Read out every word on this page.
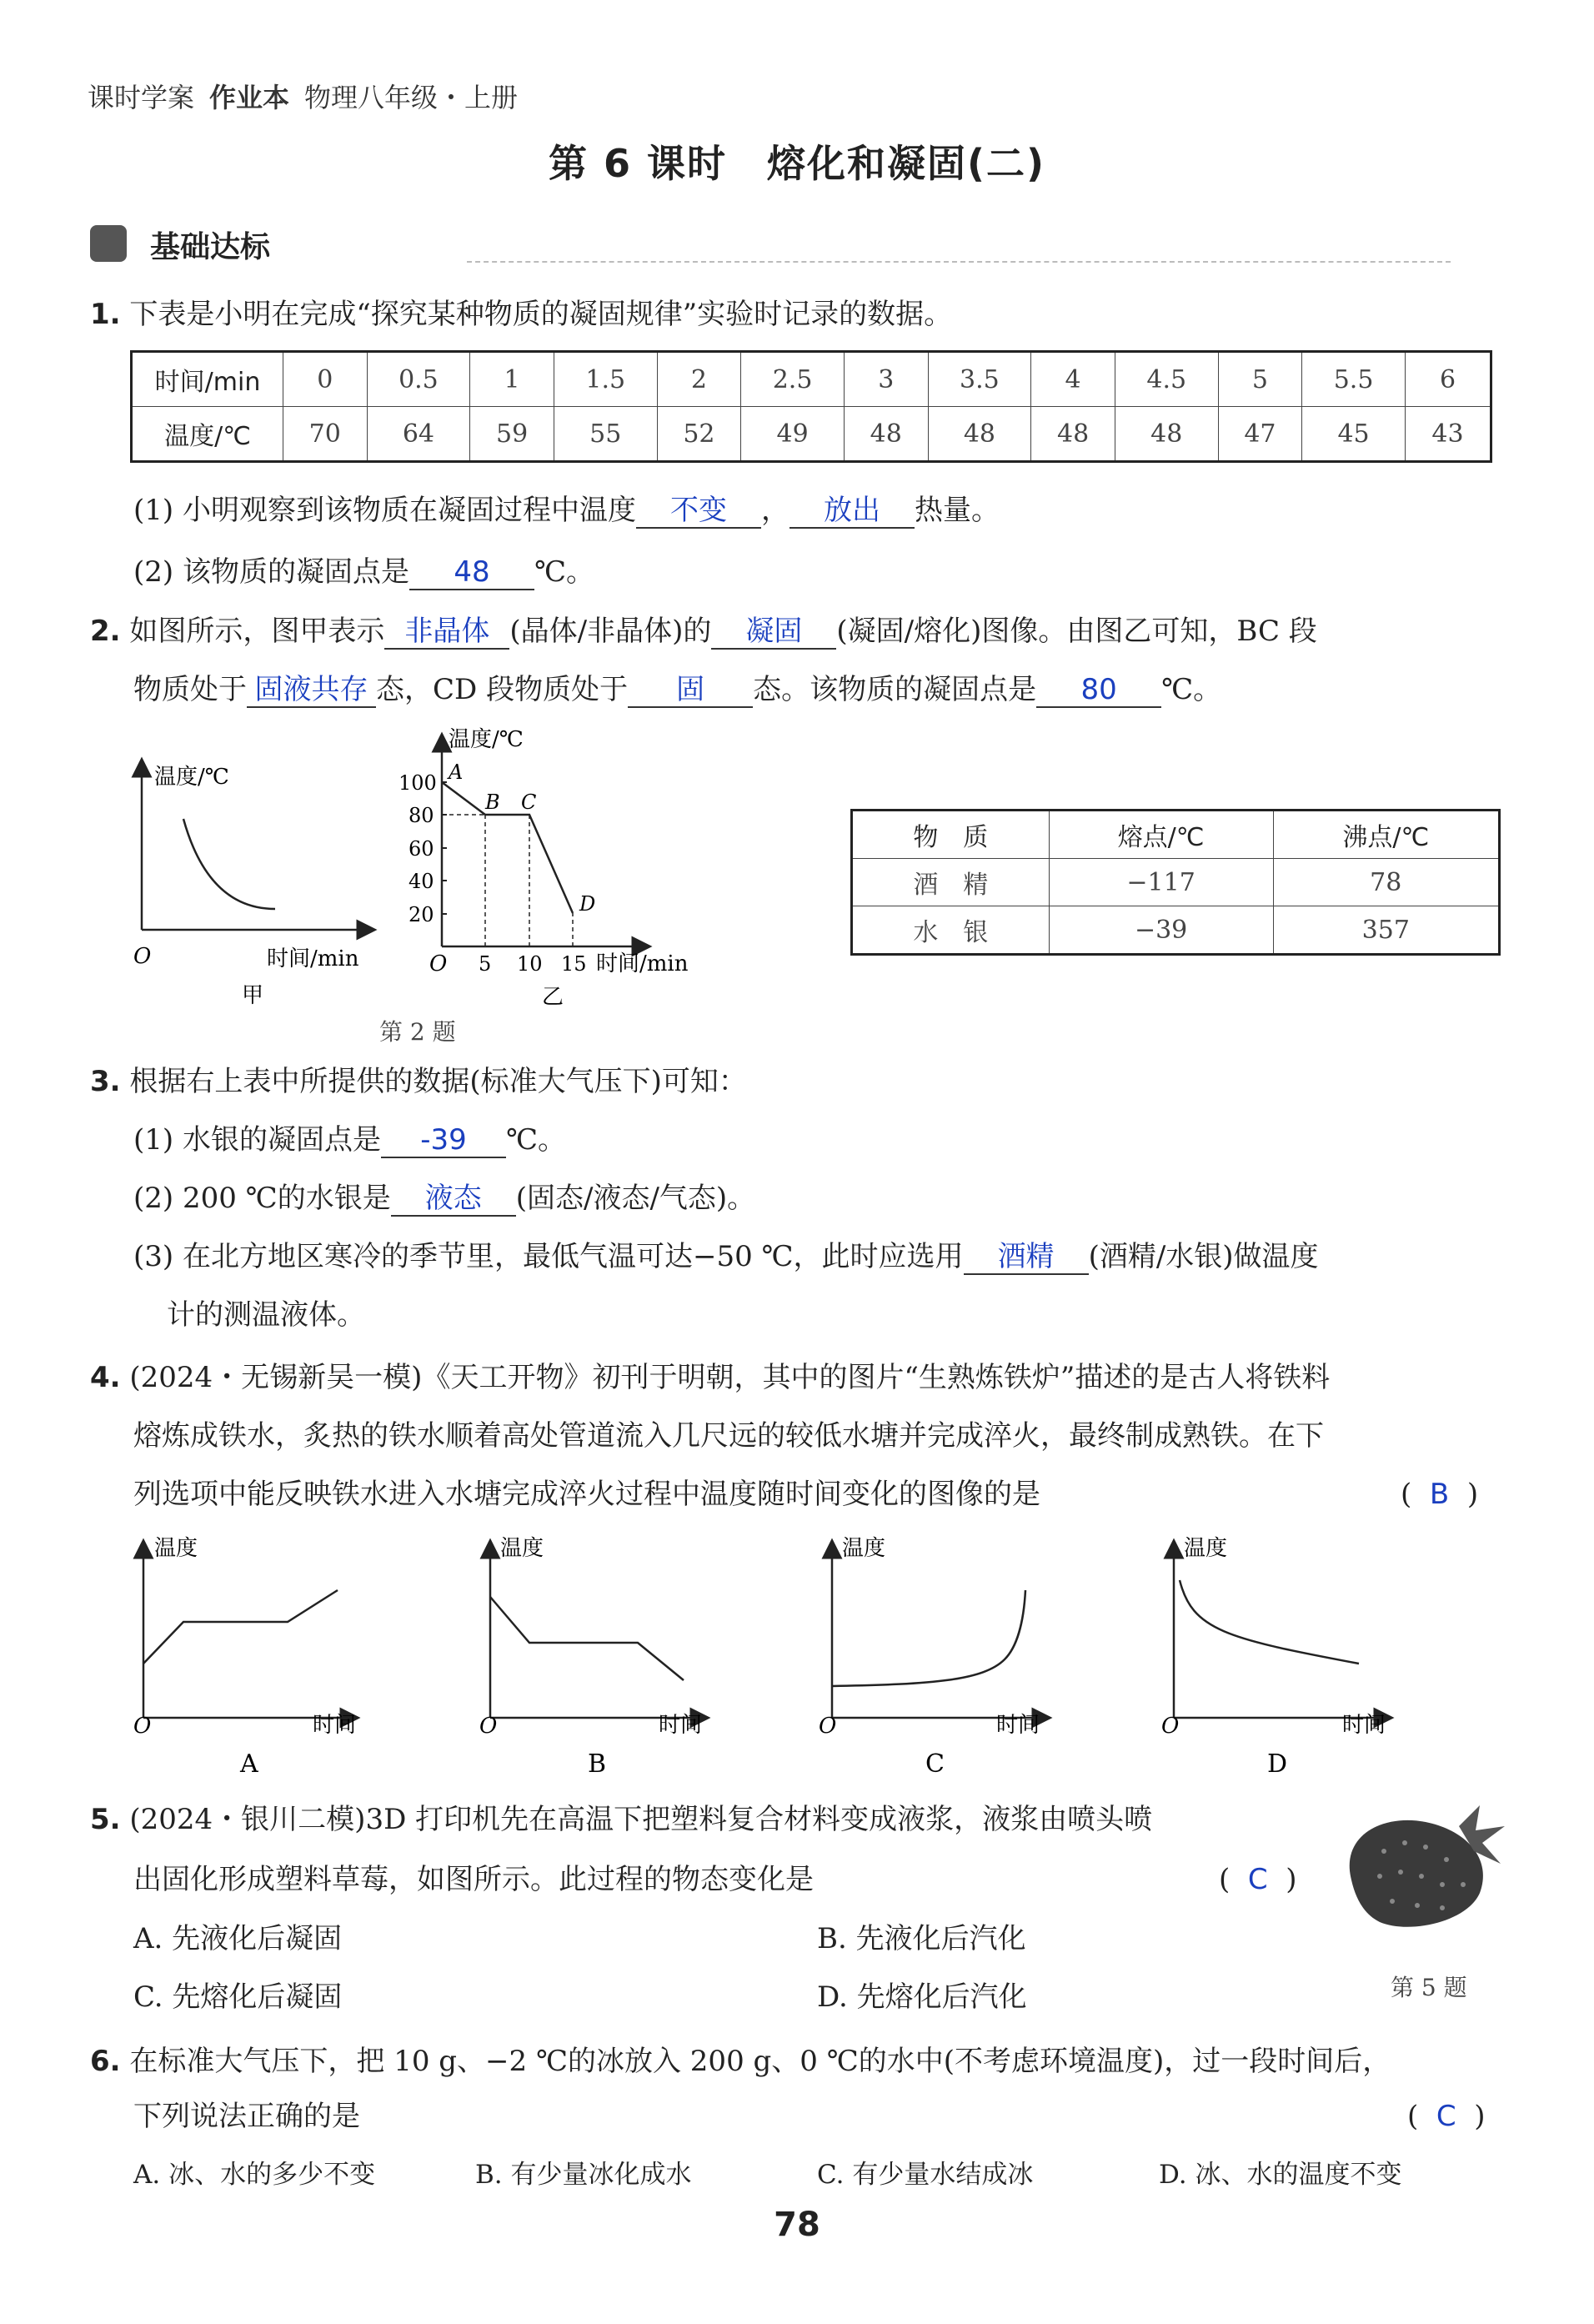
课时学案 作业本 物理八年级・上册
第 6 课时　熔化和凝固(二)
基础达标
1. 下表是小明在完成“探究某种物质的凝固规律”实验时记录的数据。
时间/min	0	0.5	1	1.5	2	2.5	3	3.5	4	4.5	5	5.5	6
温度/℃	70	64	59	55	52	49	48	48	48	48	47	45	43
(1) 小明观察到该物质在凝固过程中温度 不变 ， 放出 热量。
(2) 该物质的凝固点是 48 ℃。
2. 如图所示，图甲表示 非晶体 (晶体/非晶体)的 凝固 (凝固/熔化)图像。由图乙可知，BC 段
物质处于 固液共存 态，CD 段物质处于 固 态。该物质的凝固点是 80 ℃。
温度/℃
时间/min
O
甲
温度/℃
100
80
60
40
20
5 10 15 时间/min
O
A
B C
D
乙
第 2 题
物　质	熔点/℃	沸点/℃
酒　精	−117	78
水　银	−39	357
3. 根据右上表中所提供的数据(标准大气压下)可知：
(1) 水银的凝固点是 -39 ℃。
(2) 200 ℃的水银是 液态 (固态/液态/气态)。
(3) 在北方地区寒冷的季节里，最低气温可达−50 ℃，此时应选用 酒精 (酒精/水银)做温度
计的测温液体。
4. (2024・无锡新吴一模)《天工开物》初刊于明朝，其中的图片“生熟炼铁炉”描述的是古人将铁料
熔炼成铁水，炙热的铁水顺着高处管道流入几尺远的较低水塘并完成淬火，最终制成熟铁。在下
列选项中能反映铁水进入水塘完成淬火过程中温度随时间变化的图像的是	(  B  )
温度
时间
O
A
温度
时间
O
B
温度
时间
O
C
温度
时间
O
D
5. (2024・银川二模)3D 打印机先在高温下把塑料复合材料变成液浆，液浆由喷头喷
出固化形成塑料草莓，如图所示。此过程的物态变化是	(  C  )
A. 先液化后凝固	B. 先液化后汽化
C. 先熔化后凝固	D. 先熔化后汽化	第 5 题
6. 在标准大气压下，把 10 g、−2 ℃的冰放入 200 g、0 ℃的水中(不考虑环境温度)，过一段时间后，
下列说法正确的是	(  C  )
A. 冰、水的多少不变	B. 有少量冰化成水	C. 有少量水结成冰	D. 冰、水的温度不变
78
